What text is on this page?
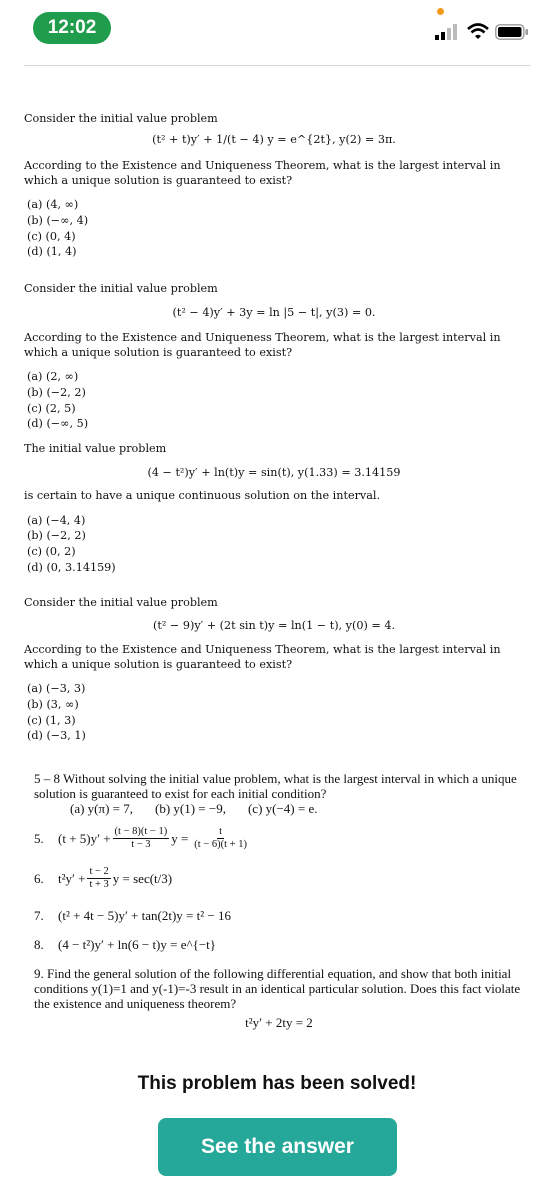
12:02

Consider the initial value problem

(t² + t)y′ + 1/(t − 4) y = e^{2t}, y(2) = 3π.

According to the Existence and Uniqueness Theorem, what is the largest interval in which a unique solution is guaranteed to exist?

(a) (4, ∞)
(b) (−∞, 4)
(c) (0, 4)
(d) (1, 4)

Consider the initial value problem

(t² − 4)y′ + 3y = ln |5 − t|, y(3) = 0.

According to the Existence and Uniqueness Theorem, what is the largest interval in which a unique solution is guaranteed to exist?

(a) (2, ∞)
(b) (−2, 2)
(c) (2, 5)
(d) (−∞, 5)

The initial value problem

(4 − t²)y′ + ln(t)y = sin(t), y(1.33) = 3.14159

is certain to have a unique continuous solution on the interval.

(a) (−4, 4)
(b) (−2, 2)
(c) (0, 2)
(d) (0, 3.14159)

Consider the initial value problem

(t² − 9)y′ + (2t sin t)y = ln(1 − t), y(0) = 4.

According to the Existence and Uniqueness Theorem, what is the largest interval in which a unique solution is guaranteed to exist?

(a) (−3, 3)
(b) (3, ∞)
(c) (1, 3)
(d) (−3, 1)

5 – 8 Without solving the initial value problem, what is the largest interval in which a unique solution is guaranteed to exist for each initial condition?

(a) y(π) = 7, (b) y(1) = −9, (c) y(−4) = e.
5.	$(t + 5)y' + \frac{(t - 8)(t - 1)}{t - 3}$ $y = \frac{t}{(t - 6)(t + 1)}$
6.	$t^2y' + \frac{t - 2}{t + 3}$ y = sec(t/3)
7.	(t² + 4t − 5)y′ + tan(2t)y = t² − 16
8.	(4 − t²)y′ + ln(6 − t)y = e^{−t}

9. Find the general solution of the following differential equation, and show that both initial conditions y(1)=1 and y(-1)=-3 result in an identical particular solution. Does this fact violate the existence and uniqueness theorem?

t²y′ + 2ty = 2

This problem has been solved!
See the answer
